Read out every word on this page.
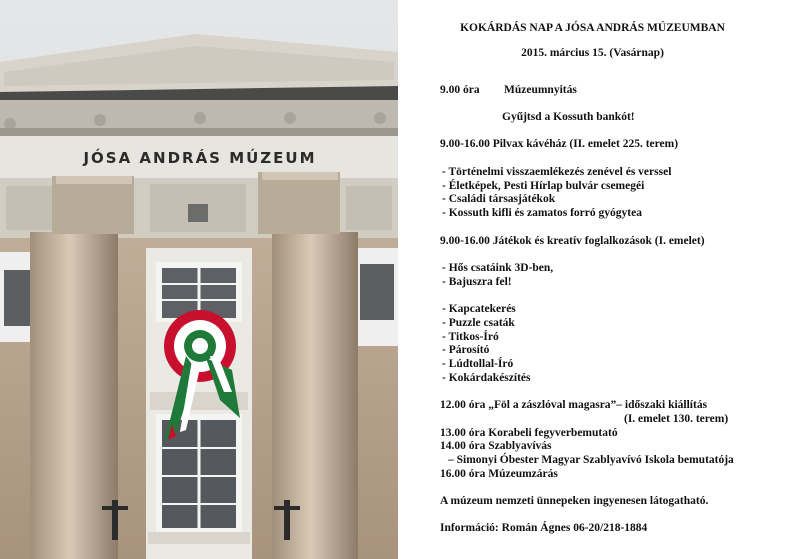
JÓSA ANDRÁS MÚZEUM
KOKÁRDÁS NAP A JÓSA ANDRÁS MÚZEUMBAN
2015. március 15. (Vasárnap)
9.00 óra Múzeumnyitás
Gyűjtsd a Kossuth bankót!
9.00-16.00 Pilvax kávéház (II. emelet 225. terem)
- Történelmi visszaemlékezés zenével és verssel
- Életképek, Pesti Hírlap bulvár csemegéi
- Családi társasjátékok
- Kossuth kifli és zamatos forró gyógytea
9.00-16.00 Játékok és kreatív foglalkozások (I. emelet)
- Hős csatáink 3D-ben,
- Bajuszra fel!
- Kapcatekerés
- Puzzle csaták
- Titkos-Író
- Párosító
- Lúdtollal-Író
- Kokárdakészítés
12.00 óra „Föl a zászlóval magasra”– időszaki kiállítás
(I. emelet 130. terem)
13.00 óra Korabeli fegyverbemutató
14.00 óra Szablyavívás
– Simonyi Óbester Magyar Szablyavívó Iskola bemutatója
16.00 óra Múzeumzárás
A múzeum nemzeti ünnepeken ingyenesen látogatható.
Információ: Román Ágnes 06-20/218-1884
